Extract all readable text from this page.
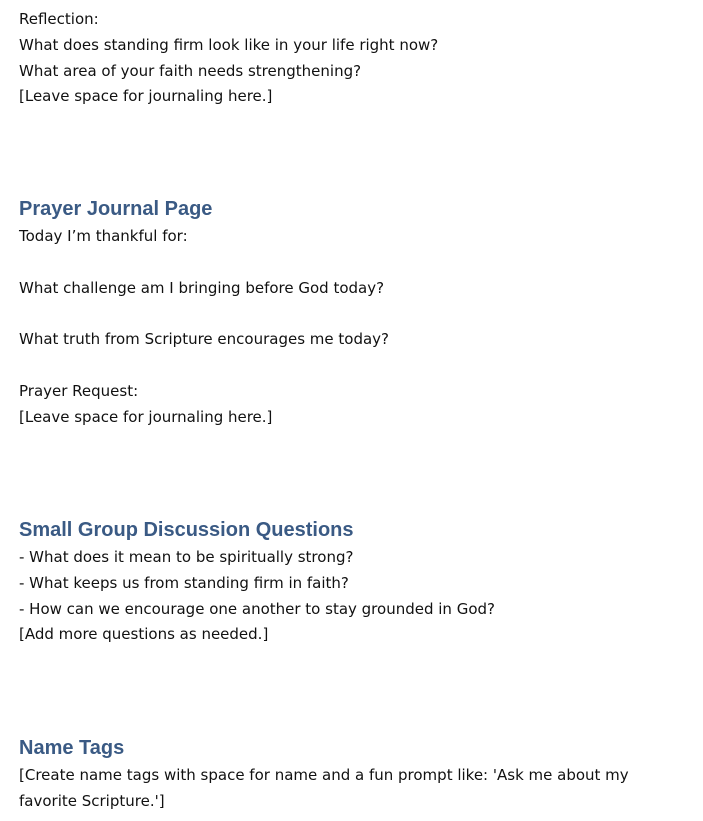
Reflection:

What does standing firm look like in your life right now?

What area of your faith needs strengthening?

[Leave space for journaling here.]

Prayer Journal Page

Today I’m thankful for:

What challenge am I bringing before God today?

What truth from Scripture encourages me today?

Prayer Request:

[Leave space for journaling here.]

Small Group Discussion Questions

- What does it mean to be spiritually strong?

- What keeps us from standing firm in faith?

- How can we encourage one another to stay grounded in God?

[Add more questions as needed.]

Name Tags

[Create name tags with space for name and a fun prompt like: 'Ask me about my favorite Scripture.']
